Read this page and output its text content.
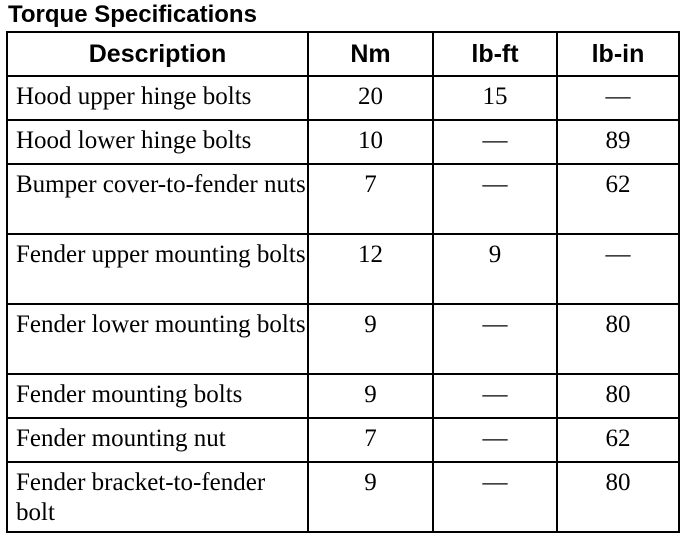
Torque Specifications
Description	Nm	lb-ft	lb-in
Hood upper hinge bolts	20	15	—
Hood lower hinge bolts	10	—	89
Bumper cover-to-fender nuts	7	—	62
Fender upper mounting bolts	12	9	—
Fender lower mounting bolts	9	—	80
Fender mounting bolts	9	—	80
Fender mounting nut	7	—	62
Fender bracket-to-fender bolt	9	—	80
